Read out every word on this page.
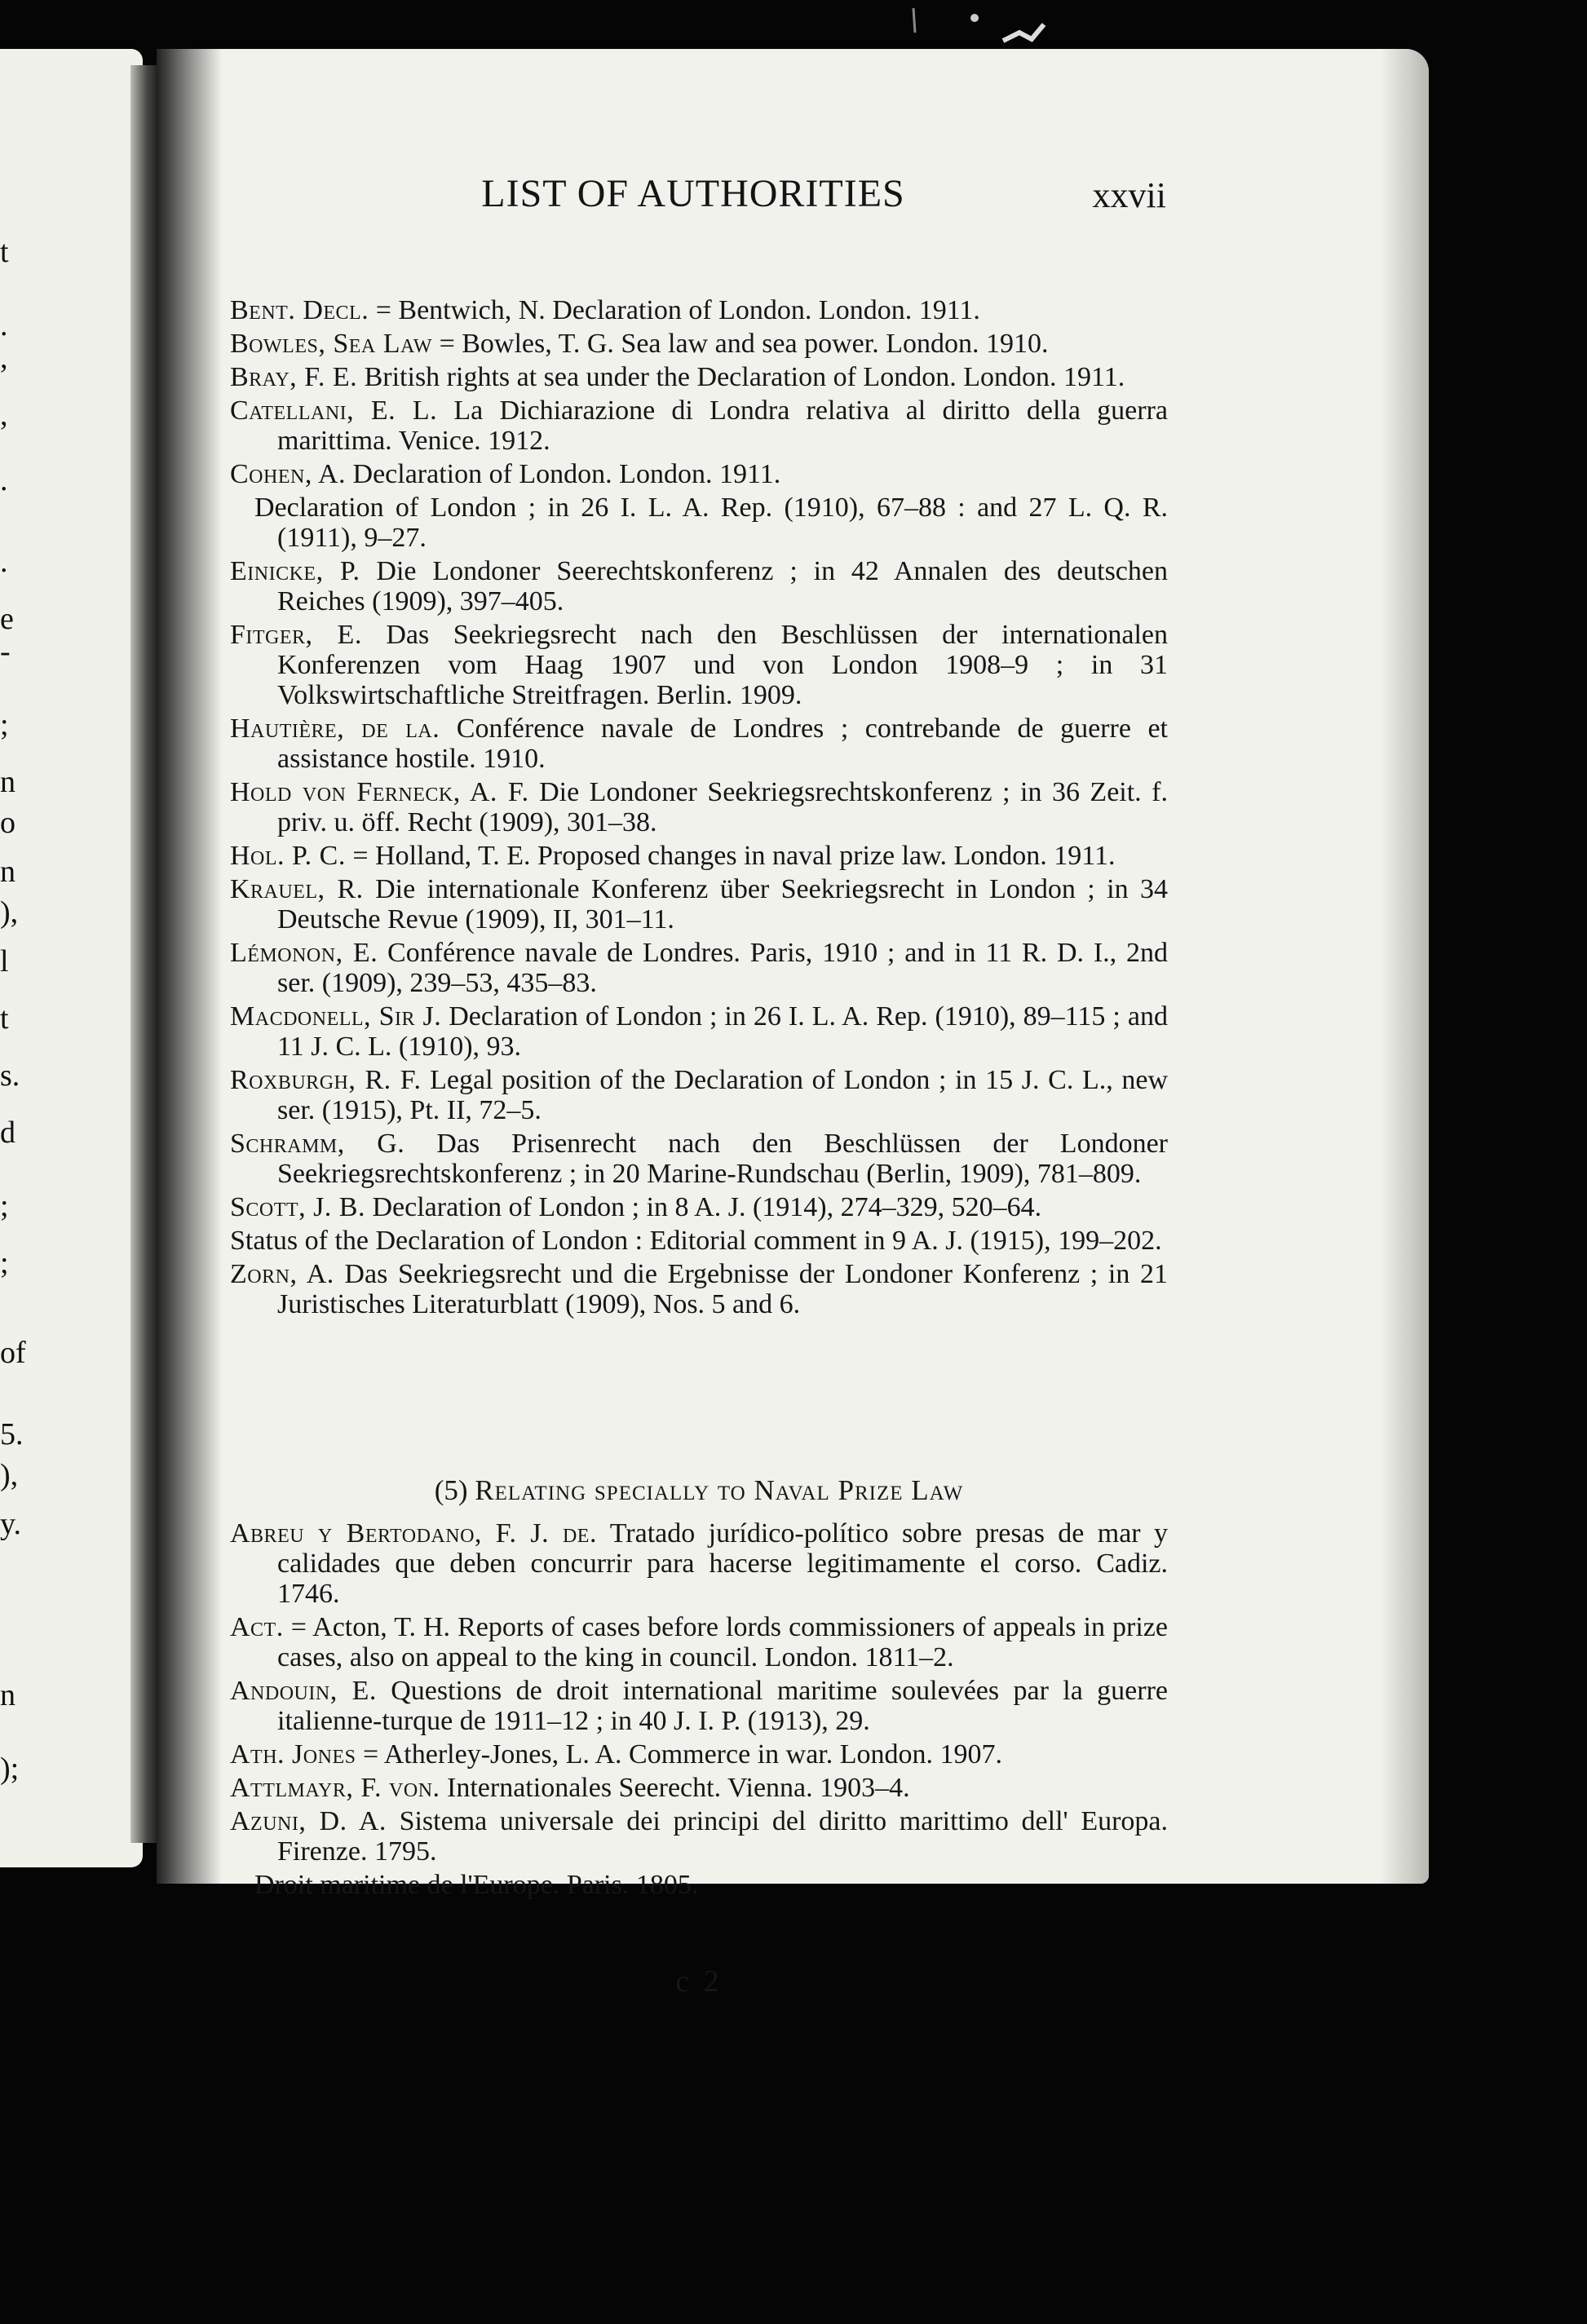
t
.
,
,
.
.
e
-
;
n
o
n
),
l
t
s.
d
;
;
of
5.
),
y.
n
);
LIST OF AUTHORITIES	xxvii
Bent. Decl. = Bentwich, N. Declaration of London. London. 1911.
Bowles, Sea Law = Bowles, T. G. Sea law and sea power. London. 1910.
Bray, F. E. British rights at sea under the Declaration of London. London. 1911.
Catellani, E. L. La Dichiarazione di Londra relativa al diritto della guerra marittima. Venice. 1912.
Cohen, A. Declaration of London. London. 1911.
Declaration of London ; in 26 I. L. A. Rep. (1910), 67–88 : and 27 L. Q. R. (1911), 9–27.
Einicke, P. Die Londoner Seerechtskonferenz ; in 42 Annalen des deutschen Reiches (1909), 397–405.
Fitger, E. Das Seekriegsrecht nach den Beschlüssen der internationalen Konferenzen vom Haag 1907 und von London 1908–9 ; in 31 Volkswirtschaftliche Streitfragen. Berlin. 1909.
Hautière, de la. Conférence navale de Londres ; contrebande de guerre et assistance hostile. 1910.
Hold von Ferneck, A. F. Die Londoner Seekriegsrechtskonferenz ; in 36 Zeit. f. priv. u. öff. Recht (1909), 301–38.
Hol. P. C. = Holland, T. E. Proposed changes in naval prize law. London. 1911.
Krauel, R. Die internationale Konferenz über Seekriegsrecht in London ; in 34 Deutsche Revue (1909), II, 301–11.
Lémonon, E. Conférence navale de Londres. Paris, 1910 ; and in 11 R. D. I., 2nd ser. (1909), 239–53, 435–83.
Macdonell, Sir J. Declaration of London ; in 26 I. L. A. Rep. (1910), 89–115 ; and 11 J. C. L. (1910), 93.
Roxburgh, R. F. Legal position of the Declaration of London ; in 15 J. C. L., new ser. (1915), Pt. II, 72–5.
Schramm, G. Das Prisenrecht nach den Beschlüssen der Londoner Seekriegsrechtskonferenz ; in 20 Marine-Rundschau (Berlin, 1909), 781–809.
Scott, J. B. Declaration of London ; in 8 A. J. (1914), 274–329, 520–64.
Status of the Declaration of London : Editorial comment in 9 A. J. (1915), 199–202.
Zorn, A. Das Seekriegsrecht und die Ergebnisse der Londoner Konferenz ; in 21 Juristisches Literaturblatt (1909), Nos. 5 and 6.
(5) Relating specially to Naval Prize Law
Abreu y Bertodano, F. J. de. Tratado jurídico-político sobre presas de mar y calidades que deben concurrir para hacerse legitimamente el corso. Cadiz. 1746.
Act. = Acton, T. H. Reports of cases before lords commissioners of appeals in prize cases, also on appeal to the king in council. London. 1811–2.
Andouin, E. Questions de droit international maritime soulevées par la guerre italienne-turque de 1911–12 ; in 40 J. I. P. (1913), 29.
Ath. Jones = Atherley-Jones, L. A. Commerce in war. London. 1907.
Attlmayr, F. von. Internationales Seerecht. Vienna. 1903–4.
Azuni, D. A. Sistema universale dei principi del diritto marittimo dell' Europa. Firenze. 1795.
Droit maritime de l'Europe. Paris. 1805.
c 2
